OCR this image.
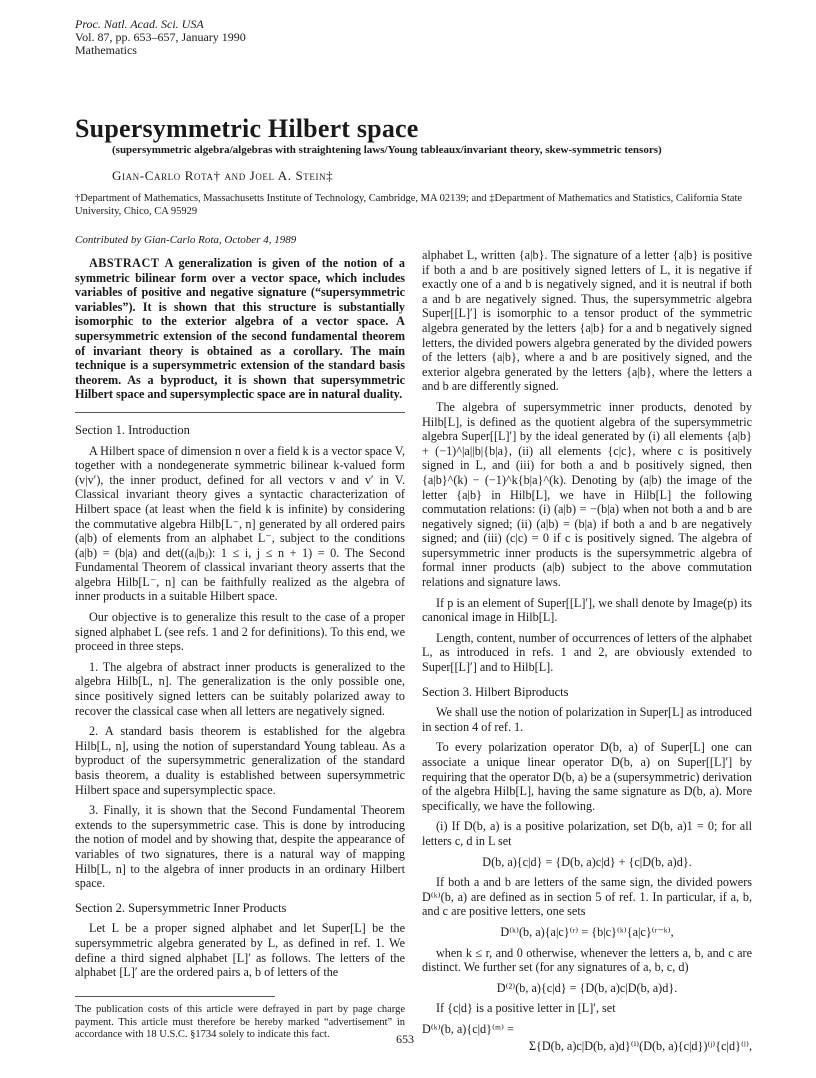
Proc. Natl. Acad. Sci. USA
Vol. 87, pp. 653–657, January 1990
Mathematics
Supersymmetric Hilbert space
(supersymmetric algebra/algebras with straightening laws/Young tableaux/invariant theory, skew-symmetric tensors)
Gian-Carlo Rota† and Joel A. Stein‡
†Department of Mathematics, Massachusetts Institute of Technology, Cambridge, MA 02139; and ‡Department of Mathematics and Statistics, California State University, Chico, CA 95929
Contributed by Gian-Carlo Rota, October 4, 1989
ABSTRACT A generalization is given of the notion of a symmetric bilinear form over a vector space, which includes variables of positive and negative signature (“supersymmetric variables”). It is shown that this structure is substantially isomorphic to the exterior algebra of a vector space. A supersymmetric extension of the second fundamental theorem of invariant theory is obtained as a corollary. The main technique is a supersymmetric extension of the standard basis theorem. As a byproduct, it is shown that supersymmetric Hilbert space and supersymplectic space are in natural duality.
Section 1. Introduction

A Hilbert space of dimension n over a field k is a vector space V, together with a nondegenerate symmetric bilinear k-valued form (v|v′), the inner product, defined for all vectors v and v′ in V. Classical invariant theory gives a syntactic characterization of Hilbert space (at least when the field k is infinite) by considering the commutative algebra Hilb[L⁻, n] generated by all ordered pairs (a|b) of elements from an alphabet L⁻, subject to the conditions (a|b) = (b|a) and det((aᵢ|bⱼ): 1 ≤ i, j ≤ n + 1) = 0. The Second Fundamental Theorem of classical invariant theory asserts that the algebra Hilb[L⁻, n] can be faithfully realized as the algebra of inner products in a suitable Hilbert space.

Our objective is to generalize this result to the case of a proper signed alphabet L (see refs. 1 and 2 for definitions). To this end, we proceed in three steps.

1. The algebra of abstract inner products is generalized to the algebra Hilb[L, n]. The generalization is the only possible one, since positively signed letters can be suitably polarized away to recover the classical case when all letters are negatively signed.

2. A standard basis theorem is established for the algebra Hilb[L, n], using the notion of superstandard Young tableau. As a byproduct of the supersymmetric generalization of the standard basis theorem, a duality is established between supersymmetric Hilbert space and supersymplectic space.

3. Finally, it is shown that the Second Fundamental Theorem extends to the supersymmetric case. This is done by introducing the notion of model and by showing that, despite the appearance of variables of two signatures, there is a natural way of mapping Hilb[L, n] to the algebra of inner products in an ordinary Hilbert space.

Section 2. Supersymmetric Inner Products

Let L be a proper signed alphabet and let Super[L] be the supersymmetric algebra generated by L, as defined in ref. 1. We define a third signed alphabet [L]′ as follows. The letters of the alphabet [L]′ are the ordered pairs a, b of letters of the

alphabet L, written {a|b}. The signature of a letter {a|b} is positive if both a and b are positively signed letters of L, it is negative if exactly one of a and b is negatively signed, and it is neutral if both a and b are negatively signed. Thus, the supersymmetric algebra Super[[L]′] is isomorphic to a tensor product of the symmetric algebra generated by the letters {a|b} for a and b negatively signed letters, the divided powers algebra generated by the divided powers of the letters {a|b}, where a and b are positively signed, and the exterior algebra generated by the letters {a|b}, where the letters a and b are differently signed.

The algebra of supersymmetric inner products, denoted by Hilb[L], is defined as the quotient algebra of the supersymmetric algebra Super[[L]′] by the ideal generated by (i) all elements {a|b} + (−1)^|a||b|{b|a}, (ii) all elements {c|c}, where c is positively signed in L, and (iii) for both a and b positively signed, then {a|b}^(k) − (−1)^k{b|a}^(k). Denoting by (a|b) the image of the letter {a|b} in Hilb[L], we have in Hilb[L] the following commutation relations: (i) (a|b) = −(b|a) when not both a and b are negatively signed; (ii) (a|b) = (b|a) if both a and b are negatively signed; and (iii) (c|c) = 0 if c is positively signed. The algebra of supersymmetric inner products is the supersymmetric algebra of formal inner products (a|b) subject to the above commutation relations and signature laws.

If p is an element of Super[[L]′], we shall denote by Image(p) its canonical image in Hilb[L].

Length, content, number of occurrences of letters of the alphabet L, as introduced in refs. 1 and 2, are obviously extended to Super[[L]′] and to Hilb[L].

Section 3. Hilbert Biproducts

We shall use the notion of polarization in Super[L] as introduced in section 4 of ref. 1.

To every polarization operator D(b, a) of Super[L] one can associate a unique linear operator D(b, a) on Super[[L]′] by requiring that the operator D(b, a) be a (supersymmetric) derivation of the algebra Hilb[L], having the same signature as D(b, a). More specifically, we have the following.

(i) If D(b, a) is a positive polarization, set D(b, a)1 = 0; for all letters c, d in L set

D(b, a){c|d} = {D(b, a)c|d} + {c|D(b, a)d}.

If both a and b are letters of the same sign, the divided powers D⁽ᵏ⁾(b, a) are defined as in section 5 of ref. 1. In particular, if a, b, and c are positive letters, one sets

D⁽ᵏ⁾(b, a){a|c}⁽ʳ⁾ = {b|c}⁽ᵏ⁾{a|c}⁽ʳ⁻ᵏ⁾,

when k ≤ r, and 0 otherwise, whenever the letters a, b, and c are distinct. We further set (for any signatures of a, b, c, d)

D⁽²⁾(b, a){c|d} = {D(b, a)c|D(b, a)d}.

If {c|d} is a positive letter in [L]′, set

D⁽ᵏ⁾(b, a){c|d}⁽ᵐ⁾ =
Σ{D(b, a)c|D(b, a)d}⁽ⁱ⁾(D(b, a){c|d})⁽ʲ⁾{c|d}⁽ˡ⁾,
The publication costs of this article were defrayed in part by page charge payment. This article must therefore be hereby marked “advertisement” in accordance with 18 U.S.C. §1734 solely to indicate this fact.	653
